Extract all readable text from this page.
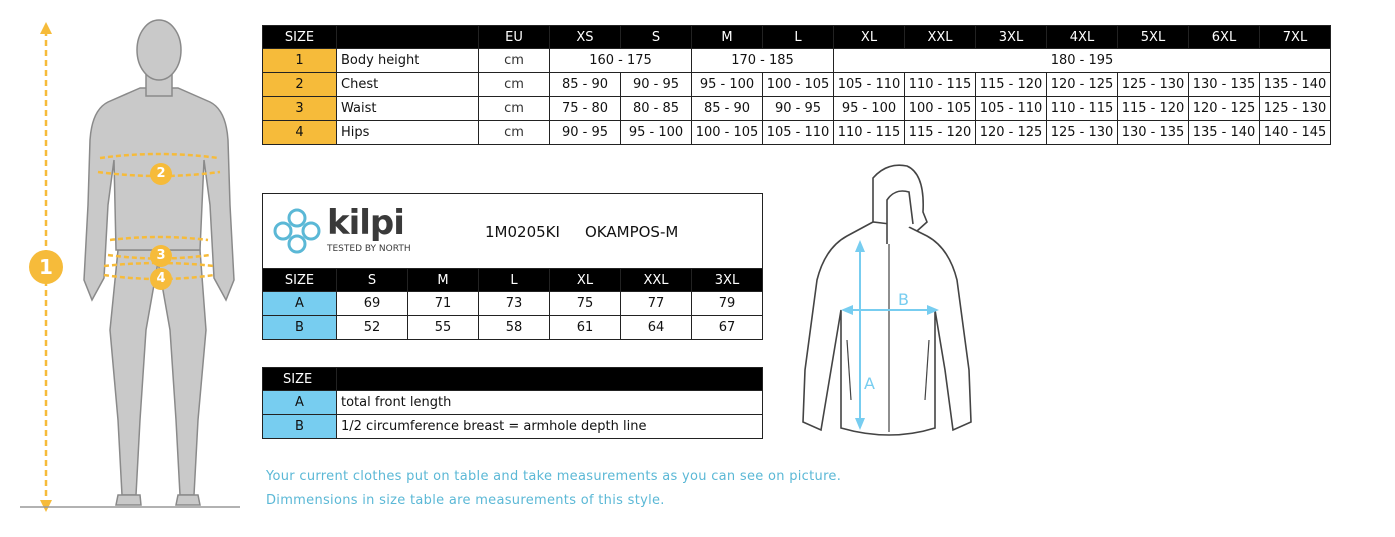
1
2
3
4
SIZE		EU	XS	S	M	L	XL	XXL	3XL	4XL	5XL	6XL	7XL
1	Body height	cm	160 - 175		170 - 185		180 - 195						
2	Chest	cm	85 - 90	90 - 95	95 - 100	100 - 105	105 - 110	110 - 115	115 - 120	120 - 125	125 - 130	130 - 135	135 - 140
3	Waist	cm	75 - 80	80 - 85	85 - 90	90 - 95	95 - 100	100 - 105	105 - 110	110 - 115	115 - 120	120 - 125	125 - 130
4	Hips	cm	90 - 95	95 - 100	100 - 105	105 - 110	110 - 115	115 - 120	120 - 125	125 - 130	130 - 135	135 - 140	140 - 145
kilpi
TESTED BY NORTH
1M0205KI OKAMPOS-M
SIZE	S	M	L	XL	XXL	3XL
A	69	71	73	75	77	79
B	52	55	58	61	64	67
SIZE	
A	total front length
B	1/2 circumference breast = armhole depth line
Your current clothes put on table and take measurements as you can see on picture.
Dimmensions in size table are measurements of this style.
A
B
